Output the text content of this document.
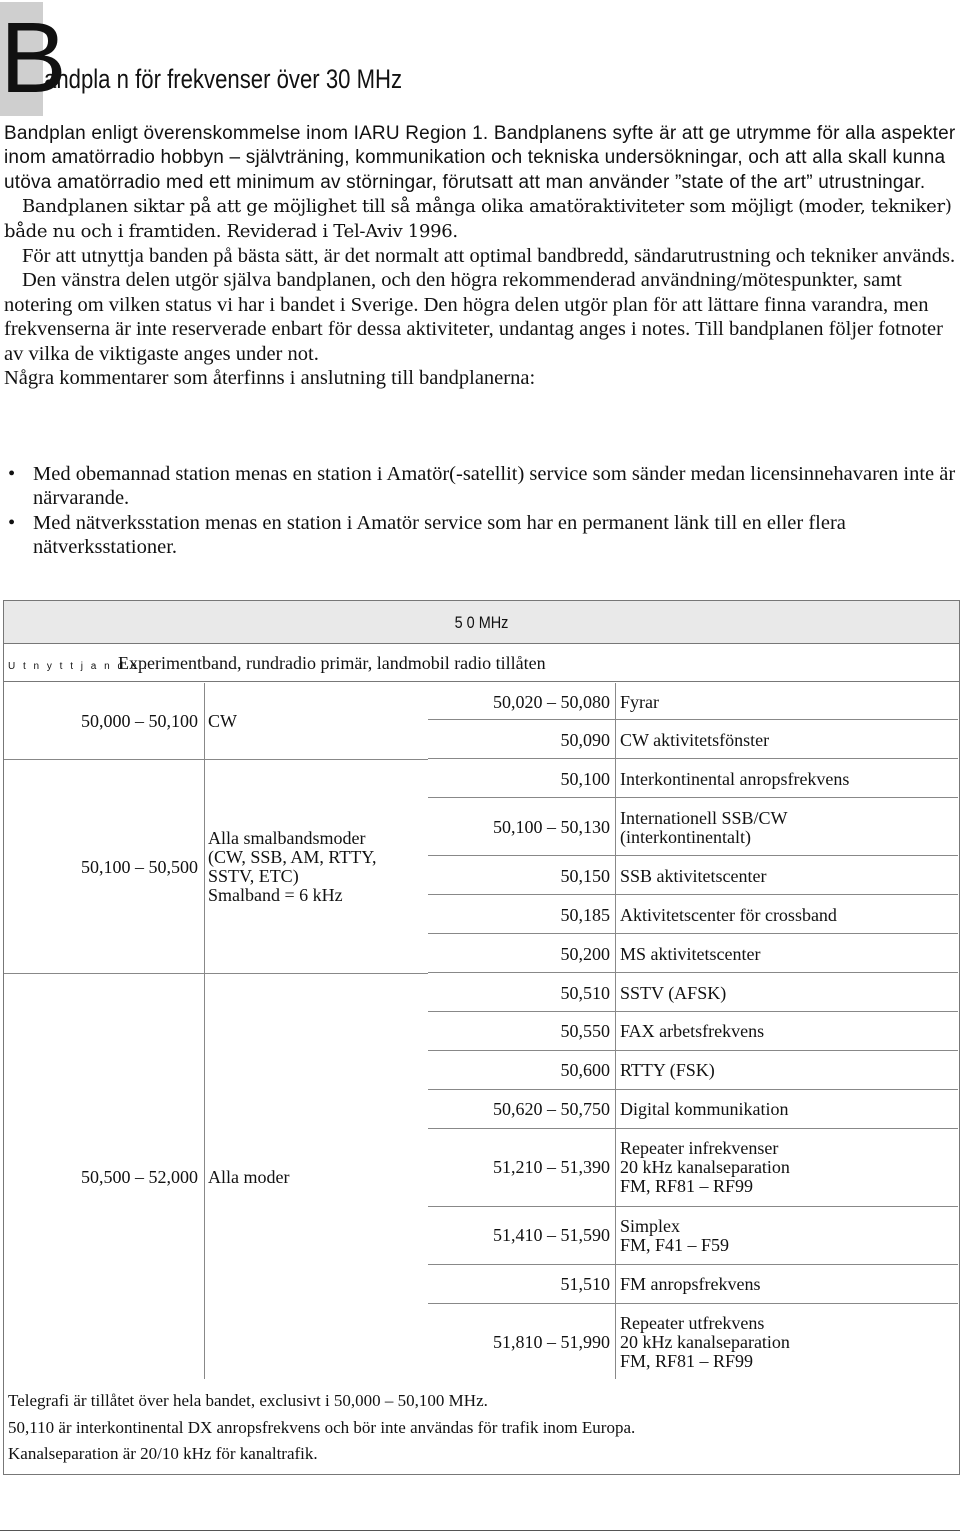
B
andpla n för frekvenser över 30 MHz

Bandplan enligt överenskommelse inom IARU Region 1. Bandplanens syfte är att ge utrymme för alla aspekter inom amatörradio hobbyn – självträning, kommunikation och tekniska undersökningar, och att alla skall kunna utöva amatörradio med ett minimum av störningar, förutsatt att man använder ”state of the art” utrustningar.

Bandplanen siktar på att ge möjlighet till så många olika amatöraktiviteter som möjligt (moder, tekniker) både nu och i framtiden. Reviderad i Tel-Aviv 1996.

För att utnyttja banden på bästa sätt, är det normalt att optimal bandbredd, sändarutrustning och tekniker används.

Den vänstra delen utgör själva bandplanen, och den högra rekommenderad användning/mötespunkter, samt notering om vilken status vi har i bandet i Sverige. Den högra delen utgör plan för att lättare finna varandra, men frekvenserna är inte reserverade enbart för dessa aktiviteter, undantag anges i notes. Till bandplanen följer fotnoter av vilka de viktigaste anges under not.

Några kommentarer som återfinns i anslutning till bandplanerna:

• Med obemannad station menas en station i Amatör(-satellit) service som sänder medan licensinnehavaren inte är närvarande.

• Med nätverksstation menas en station i Amatör service som har en permanent länk till en eller flera nätverksstationer.

5 0 MHz
U t n y t t j a n d e :
Experimentband, rundradio primär, landmobil radio tillåten
50,000 – 50,100 CW
50,100 – 50,500
Alla smalbandsmoder
(CW, SSB, AM, RTTY,
SSTV, ETC)
Smalband = 6 kHz
50,500 – 52,000 Alla moder
50,020 – 50,080 Fyrar
50,090 CW aktivitetsfönster
50,100 Interkontinental anropsfrekvens
50,100 – 50,130 Internationell SSB/CW
(interkontinentalt)
50,150 SSB aktivitetscenter
50,185 Aktivitetscenter för crossband
50,200 MS aktivitetscenter
50,510 SSTV (AFSK)
50,550 FAX arbetsfrekvens
50,600 RTTY (FSK)
50,620 – 50,750 Digital kommunikation
51,210 – 51,390
Repeater infrekvenser
20 kHz kanalseparation
FM, RF81 – RF99
51,410 – 51,590 Simplex
FM, F41 – F59
51,510 FM anropsfrekvens
51,810 – 51,990
Repeater utfrekvens
20 kHz kanalseparation
FM, RF81 – RF99

Telegrafi är tillåtet över hela bandet, exclusivt i 50,000 – 50,100 MHz.

50,110 är interkontinental DX anropsfrekvens och bör inte användas för trafik inom Europa.

Kanalseparation är 20/10 kHz för kanaltrafik.
